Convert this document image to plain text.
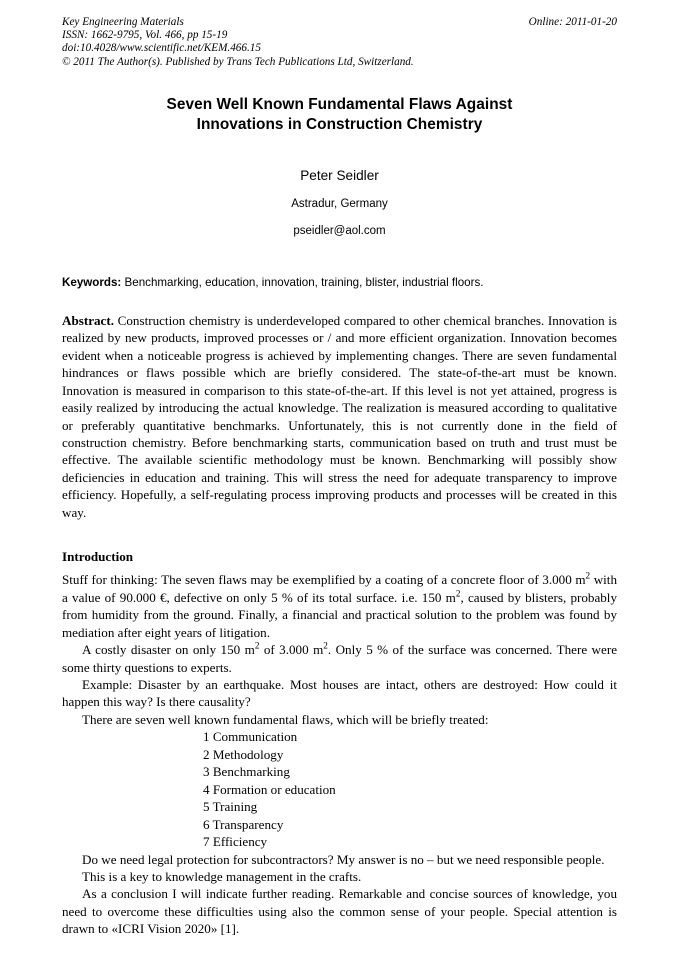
Key Engineering Materials
ISSN: 1662-9795, Vol. 466, pp 15-19
doi:10.4028/www.scientific.net/KEM.466.15
© 2011 The Author(s). Published by Trans Tech Publications Ltd, Switzerland.
Online: 2011-01-20
Seven Well Known Fundamental Flaws Against
Innovations in Construction Chemistry
Peter Seidler
Astradur, Germany
pseidler@aol.com
Keywords: Benchmarking, education, innovation, training, blister, industrial floors.
Abstract. Construction chemistry is underdeveloped compared to other chemical branches. Innovation is realized by new products, improved processes or / and more efficient organization. Innovation becomes evident when a noticeable progress is achieved by implementing changes. There are seven fundamental hindrances or flaws possible which are briefly considered. The state-of-the-art must be known. Innovation is measured in comparison to this state-of-the-art. If this level is not yet attained, progress is easily realized by introducing the actual knowledge. The realization is measured according to qualitative or preferably quantitative benchmarks. Unfortunately, this is not currently done in the field of construction chemistry. Before benchmarking starts, communication based on truth and trust must be effective. The available scientific methodology must be known. Benchmarking will possibly show deficiencies in education and training. This will stress the need for adequate transparency to improve efficiency. Hopefully, a self-regulating process improving products and processes will be created in this way.
Introduction

Stuff for thinking: The seven flaws may be exemplified by a coating of a concrete floor of 3.000 $m^2$ with a value of 90.000 €, defective on only 5 % of its total surface. i.e. 150 $m^2$, caused by blisters, probably from humidity from the ground. Finally, a financial and practical solution to the problem was found by mediation after eight years of litigation.

A costly disaster on only 150 $m^2$ of 3.000 $m^2$. Only 5 % of the surface was concerned. There were some thirty questions to experts.

Example: Disaster by an earthquake. Most houses are intact, others are destroyed: How could it happen this way? Is there causality?

There are seven well known fundamental flaws, which will be briefly treated:

1 Communication
2 Methodology
3 Benchmarking
4 Formation or education
5 Training
6 Transparency
7 Efficiency

Do we need legal protection for subcontractors? My answer is no – but we need responsible people.

This is a key to knowledge management in the crafts.

As a conclusion I will indicate further reading. Remarkable and concise sources of knowledge, you need to overcome these difficulties using also the common sense of your people. Special attention is drawn to «ICRI Vision 2020» [1].
